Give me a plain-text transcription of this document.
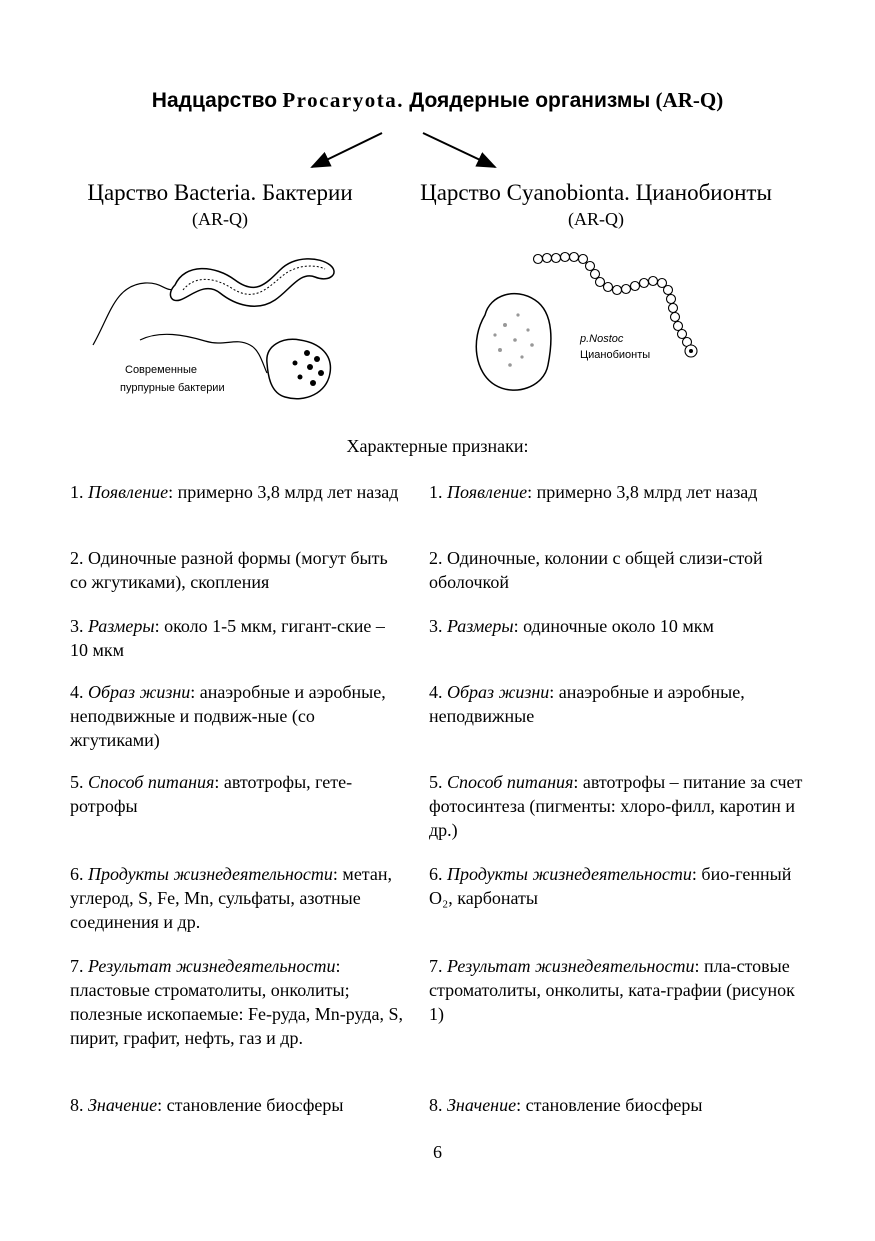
Надцарство Procaryota. Доядерные организмы (AR-Q)
Царство Bacteria. Бактерии
(AR-Q)
Царство Cyanobionta. Цианобионты
(AR-Q)
Современные
пурпурные бактерии
p.Nostoc
Цианобионты
Характерные признаки:
1. Появление: примерно 3,8 млрд лет назад	1. Появление: примерно 3,8 млрд лет назад
2. Одиночные разной формы (могут быть со жгутиками), скопления
2. Одиночные, колонии с общей слизи-стой оболочкой
3. Размеры: около 1-5 мкм, гигант-ские – 10 мкм
3. Размеры: одиночные около 10 мкм
4. Образ жизни: анаэробные и аэробные, неподвижные и подвиж-ные (со жгутиками)
4. Образ жизни: анаэробные и аэробные, неподвижные
5. Способ питания: автотрофы, гете-ротрофы
5. Способ питания: автотрофы – питание за счет фотосинтеза (пигменты: хлоро-филл, каротин и др.)
6. Продукты жизнедеятельности: метан, углерод, S, Fe, Mn, сульфаты, азотные соединения и др.
6. Продукты жизнедеятельности: био-генный O₂, карбонаты
7. Результат жизнедеятельности: пластовые строматолиты, онколиты; полезные ископаемые: Fe-руда, Mn-руда, S, пирит, графит, нефть, газ и др.
7. Результат жизнедеятельности: пла-стовые строматолиты, онколиты, ката-графии (рисунок 1)
8. Значение: становление биосферы	8. Значение: становление биосферы
6
